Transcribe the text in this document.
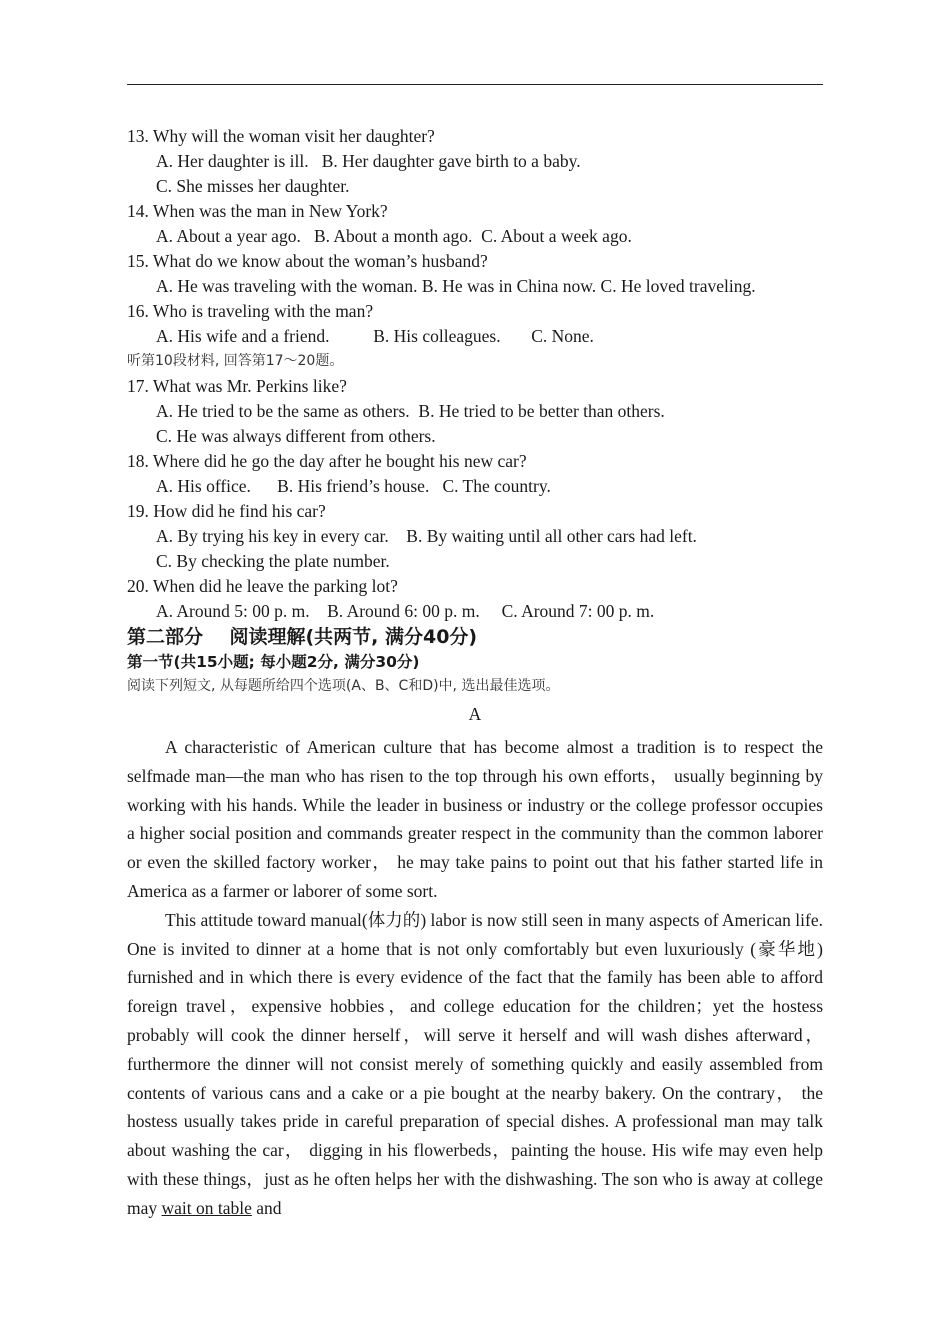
13. Why will the woman visit her daughter?
A. Her daughter is ill.   B. Her daughter gave birth to a baby.
C. She misses her daughter.
14. When was the man in New York?
A. About a year ago.   B. About a month ago.  C. About a week ago.
15. What do we know about the woman’s husband?
A. He was traveling with the woman. B. He was in China now. C. He loved traveling.
16. Who is traveling with the man?
A. His wife and a friend.          B. His colleagues.       C. None.
听第10段材料, 回答第17～20题。
17. What was Mr. Perkins like?
A. He tried to be the same as others.  B. He tried to be better than others.
C. He was always different from others.
18. Where did he go the day after he bought his new car?
A. His office.      B. His friend’s house.   C. The country.
19. How did he find his car?
A. By trying his key in every car.    B. By waiting until all other cars had left.
C. By checking the plate number.
20. When did he leave the parking lot?
A. Around 5: 00 p. m.    B. Around 6: 00 p. m.     C. Around 7: 00 p. m.
第二部分    阅读理解(共两节, 满分40分)
第一节(共15小题; 每小题2分, 满分30分)
阅读下列短文, 从每题所给四个选项(A、B、C和D)中, 选出最佳选项。
A

A characteristic of American culture that has become almost a tradition is to respect the selfmade man—the man who has risen to the top through his own efforts， usually beginning by working with his hands. While the leader in business or industry or the college professor occupies a higher social position and commands greater respect in the community than the common laborer or even the skilled factory worker， he may take pains to point out that his father started life in America as a farmer or laborer of some sort.

This attitude toward manual(体力的) labor is now still seen in many aspects of American life. One is invited to dinner at a home that is not only comfortably but even luxuriously (豪华地) furnished and in which there is every evidence of the fact that the family has been able to afford foreign travel，expensive hobbies，and college education for the children；yet the hostess probably will cook the dinner herself，will serve it herself and will wash dishes afterward， furthermore the dinner will not consist merely of something quickly and easily assembled from contents of various cans and a cake or a pie bought at the nearby bakery. On the contrary， the hostess usually takes pride in careful preparation of special dishes. A professional man may talk about washing the car， digging in his flowerbeds，painting the house. His wife may even help with these things，just as he often helps her with the dishwashing. The son who is away at college may wait on table and
